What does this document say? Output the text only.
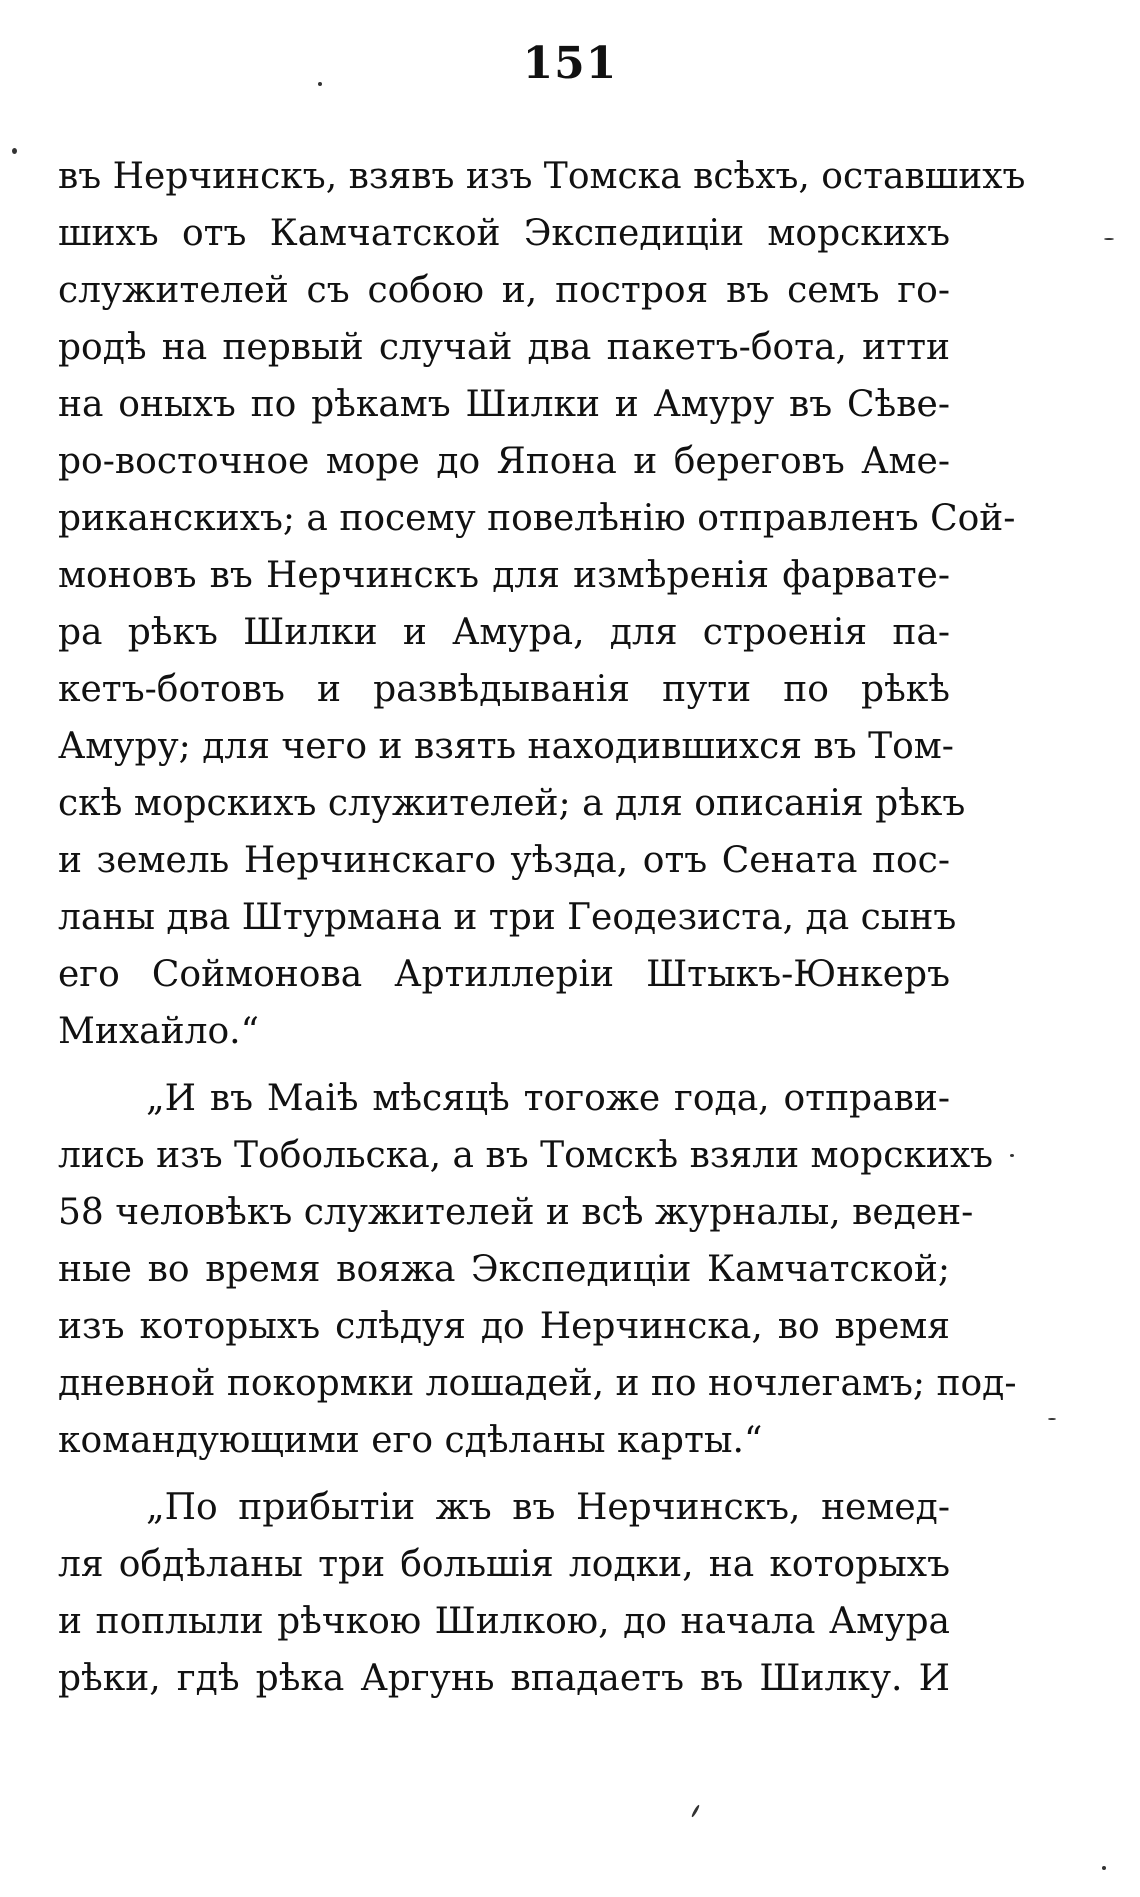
151
въ Нерчинскъ, взявъ изъ Томска всѣхъ, оставшихъ
шихъ отъ Камчатской Экспедиціи морскихъ
служителей съ собою и, построя въ семъ го-
родѣ на первый случай два пакетъ-бота, итти
на оныхъ по рѣкамъ Шилки и Амуру въ Сѣве-
ро-восточное море до Япона и береговъ Аме-
риканскихъ; а посему повелѣнію отправленъ Сой-
моновъ въ Нерчинскъ для измѣренія фарвате-
ра рѣкъ Шилки и Амура, для строенія па-
кетъ-ботовъ и развѣдыванія пути по рѣкѣ
Амуру; для чего и взять находившихся въ Том-
скѣ морскихъ служителей; а для описанія рѣкъ
и земель Нерчинскаго уѣзда, отъ Сената пос-
ланы два Штурмана и три Геодезиста, да сынъ
его Соймонова Артиллеріи Штыкъ-Юнкеръ
Михайло.“
„И въ Маіѣ мѣсяцѣ тогоже года, отправи-
лись изъ Тобольска, а въ Томскѣ взяли морскихъ
58 человѣкъ служителей и всѣ журналы, веден-
ные во время вояжа Экспедиціи Камчатской;
изъ которыхъ слѣдуя до Нерчинска, во время
дневной покормки лошадей, и по ночлегамъ; под-
командующими его сдѣланы карты.“
„По прибытіи жъ въ Нерчинскъ, немед-
ля обдѣланы три большія лодки, на которыхъ
и поплыли рѣчкою Шилкою, до начала Амура
рѣки, гдѣ рѣка Аргунь впадаетъ въ Шилку. И
